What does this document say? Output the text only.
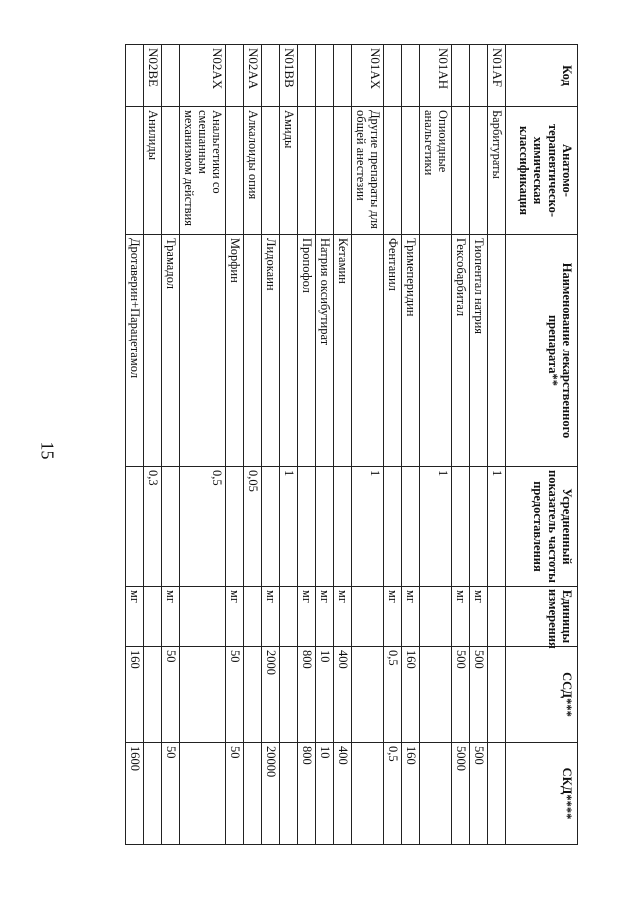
15
Код	Анатомо-терапевтическо-химическая классификация	Наименование лекарственного препарата**	Усредненный показатель частоты предоставления	Единицы измерения	ССД***	СКД****
N01AF	Барбитураты		1			
		Тиопентал натрия		мг	500	500
		Гексобарбитал		мг	500	5000
N01AH	Опиоидные анальгетики		1			
		Тримеперидин		мг	160	160
		Фентанил		мг	0,5	0,5
N01AX	Другие препараты для общей анестезии		1			
		Кетамин		мг	400	400
		Натрия оксибутират		мг	10	10
		Пропофол		мг	800	800
N01BB	Амиды		1			
		Лидокаин		мг	2000	20000
N02AA	Алкалоиды опия		0,05			
		Морфин		мг	50	50
N02AX	Анальгетики со смешанным механизмом действия		0,5			
		Трамадол		мг	50	50
N02BE	Анилиды		0,3			
		Дротаверин+Парацетамол		мг	160	1600
